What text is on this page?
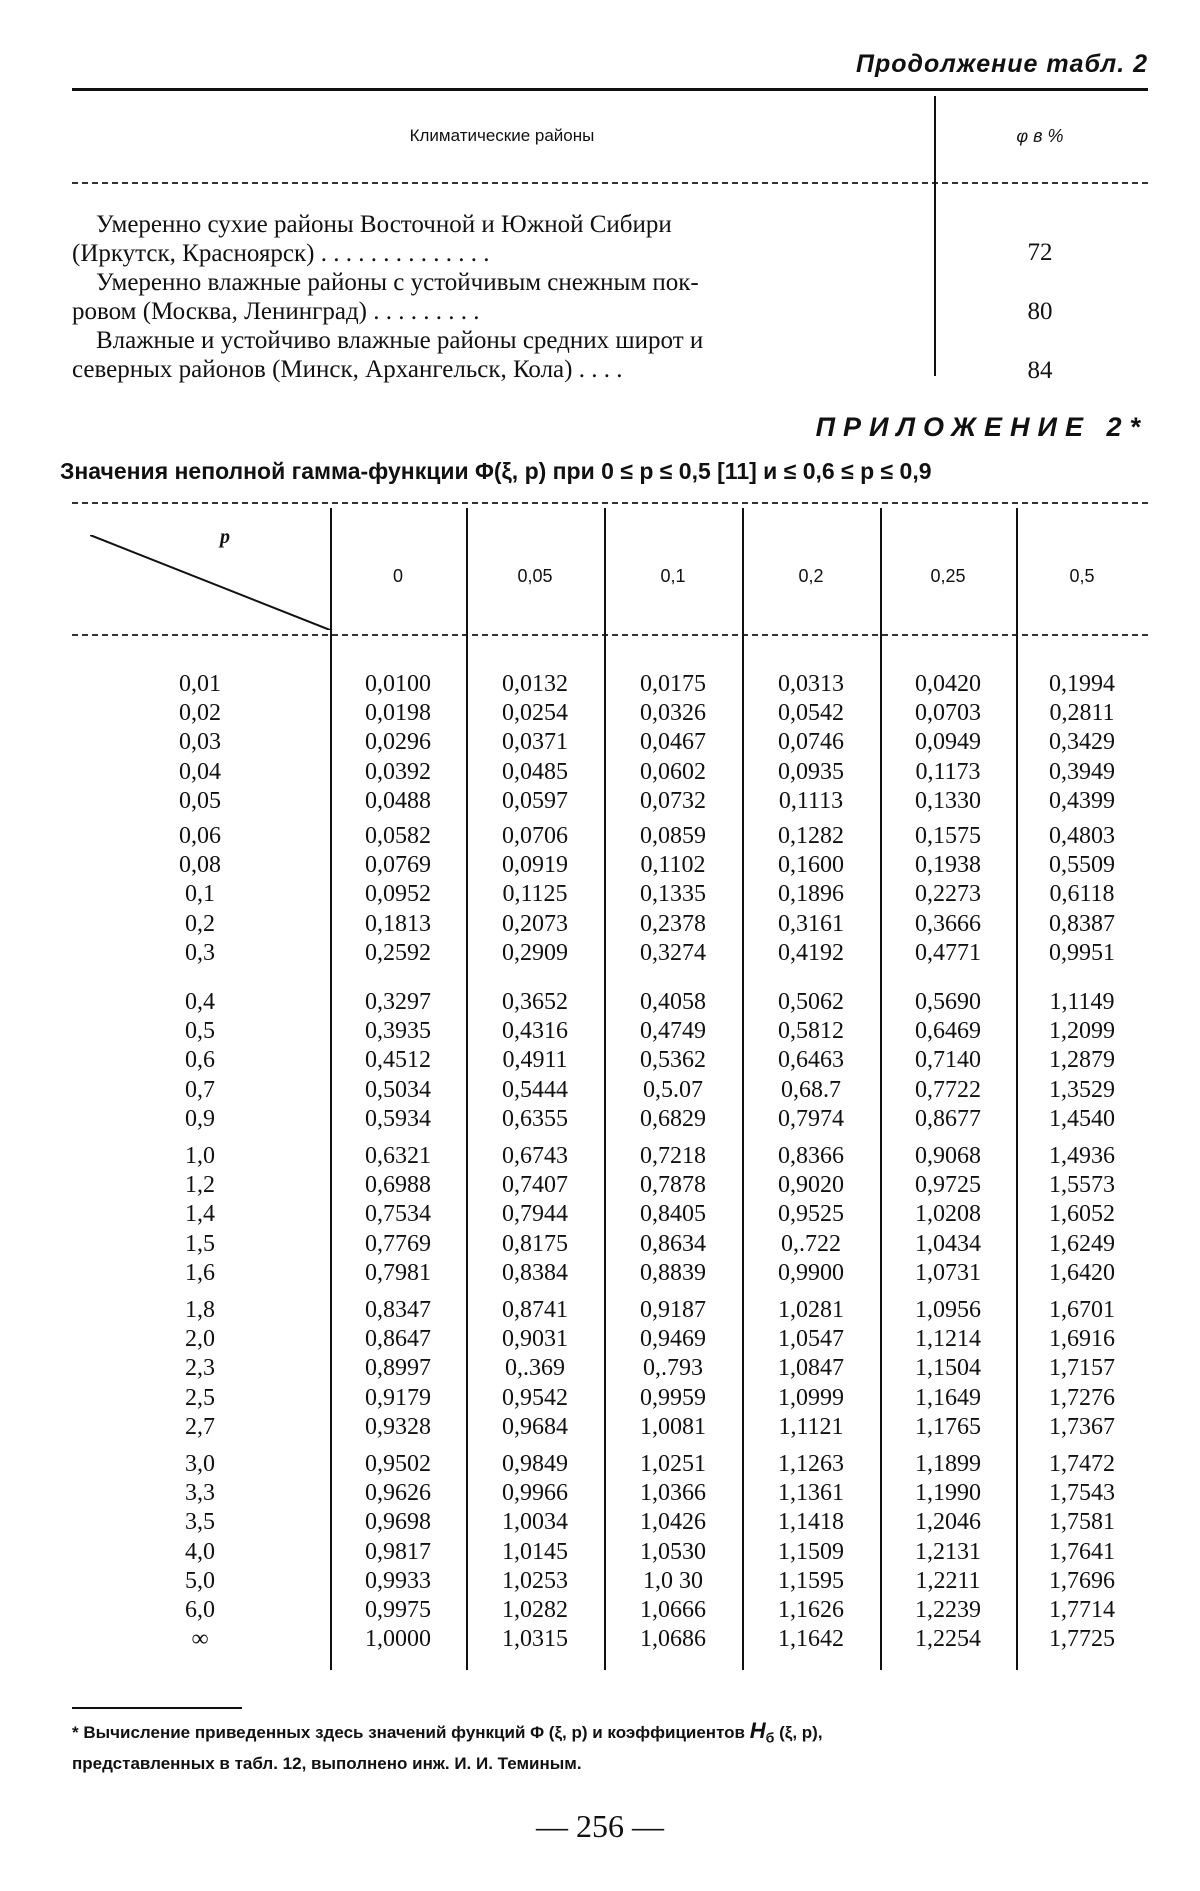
Продолжение табл. 2
Климатические районы	φ в %
Умеренно сухие районы Восточной и Южной Сибири
(Иркутск, Красноярск) . . . . . . . . . . . . . .	72
Умеренно влажные районы с устойчивым снежным пок-
ровом (Москва, Ленинград) . . . . . . . . .	80
Влажные и устойчиво влажные районы средних широт и
северных районов (Минск, Архангельск, Кола) . . . .	84
ПРИЛОЖЕНИЕ 2*
Значения неполной гамма-функции Φ(ξ, p) при 0 ≤ p ≤ 0,5 [11] и ≤ 0,6 ≤ p ≤ 0,9
p
0	0,05	0,1	0,2	0,25	0,5
0,01	0,0100	0,0132	0,0175	0,0313	0,0420	0,1994
0,02	0,0198	0,0254	0,0326	0,0542	0,0703	0,2811
0,03	0,0296	0,0371	0,0467	0,0746	0,0949	0,3429
0,04	0,0392	0,0485	0,0602	0,0935	0,1173	0,3949
0,05	0,0488	0,0597	0,0732	0,1113	0,1330	0,4399
0,06	0,0582	0,0706	0,0859	0,1282	0,1575	0,4803
0,08	0,0769	0,0919	0,1102	0,1600	0,1938	0,5509
0,1	0,0952	0,1125	0,1335	0,1896	0,2273	0,6118
0,2	0,1813	0,2073	0,2378	0,3161	0,3666	0,8387
0,3	0,2592	0,2909	0,3274	0,4192	0,4771	0,9951
0,4	0,3297	0,3652	0,4058	0,5062	0,5690	1,1149
0,5	0,3935	0,4316	0,4749	0,5812	0,6469	1,2099
0,6	0,4512	0,4911	0,5362	0,6463	0,7140	1,2879
0,7	0,5034	0,5444	0,5.07	0,68.7	0,7722	1,3529
0,9	0,5934	0,6355	0,6829	0,7974	0,8677	1,4540
1,0	0,6321	0,6743	0,7218	0,8366	0,9068	1,4936
1,2	0,6988	0,7407	0,7878	0,9020	0,9725	1,5573
1,4	0,7534	0,7944	0,8405	0,9525	1,0208	1,6052
1,5	0,7769	0,8175	0,8634	0,.722	1,0434	1,6249
1,6	0,7981	0,8384	0,8839	0,9900	1,0731	1,6420
1,8	0,8347	0,8741	0,9187	1,0281	1,0956	1,6701
2,0	0,8647	0,9031	0,9469	1,0547	1,1214	1,6916
2,3	0,8997	0,.369	0,.793	1,0847	1,1504	1,7157
2,5	0,9179	0,9542	0,9959	1,0999	1,1649	1,7276
2,7	0,9328	0,9684	1,0081	1,1121	1,1765	1,7367
3,0	0,9502	0,9849	1,0251	1,1263	1,1899	1,7472
3,3	0,9626	0,9966	1,0366	1,1361	1,1990	1,7543
3,5	0,9698	1,0034	1,0426	1,1418	1,2046	1,7581
4,0	0,9817	1,0145	1,0530	1,1509	1,2131	1,7641
5,0	0,9933	1,0253	1,0 30	1,1595	1,2211	1,7696
6,0	0,9975	1,0282	1,0666	1,1626	1,2239	1,7714
∞	1,0000	1,0315	1,0686	1,1642	1,2254	1,7725
* Вычисление приведенных здесь значений функций Φ (ξ, p) и коэффициентов $H_б$ (ξ, p),
представленных в табл. 12, выполнено инж. И. И. Теминым.
— 256 —
